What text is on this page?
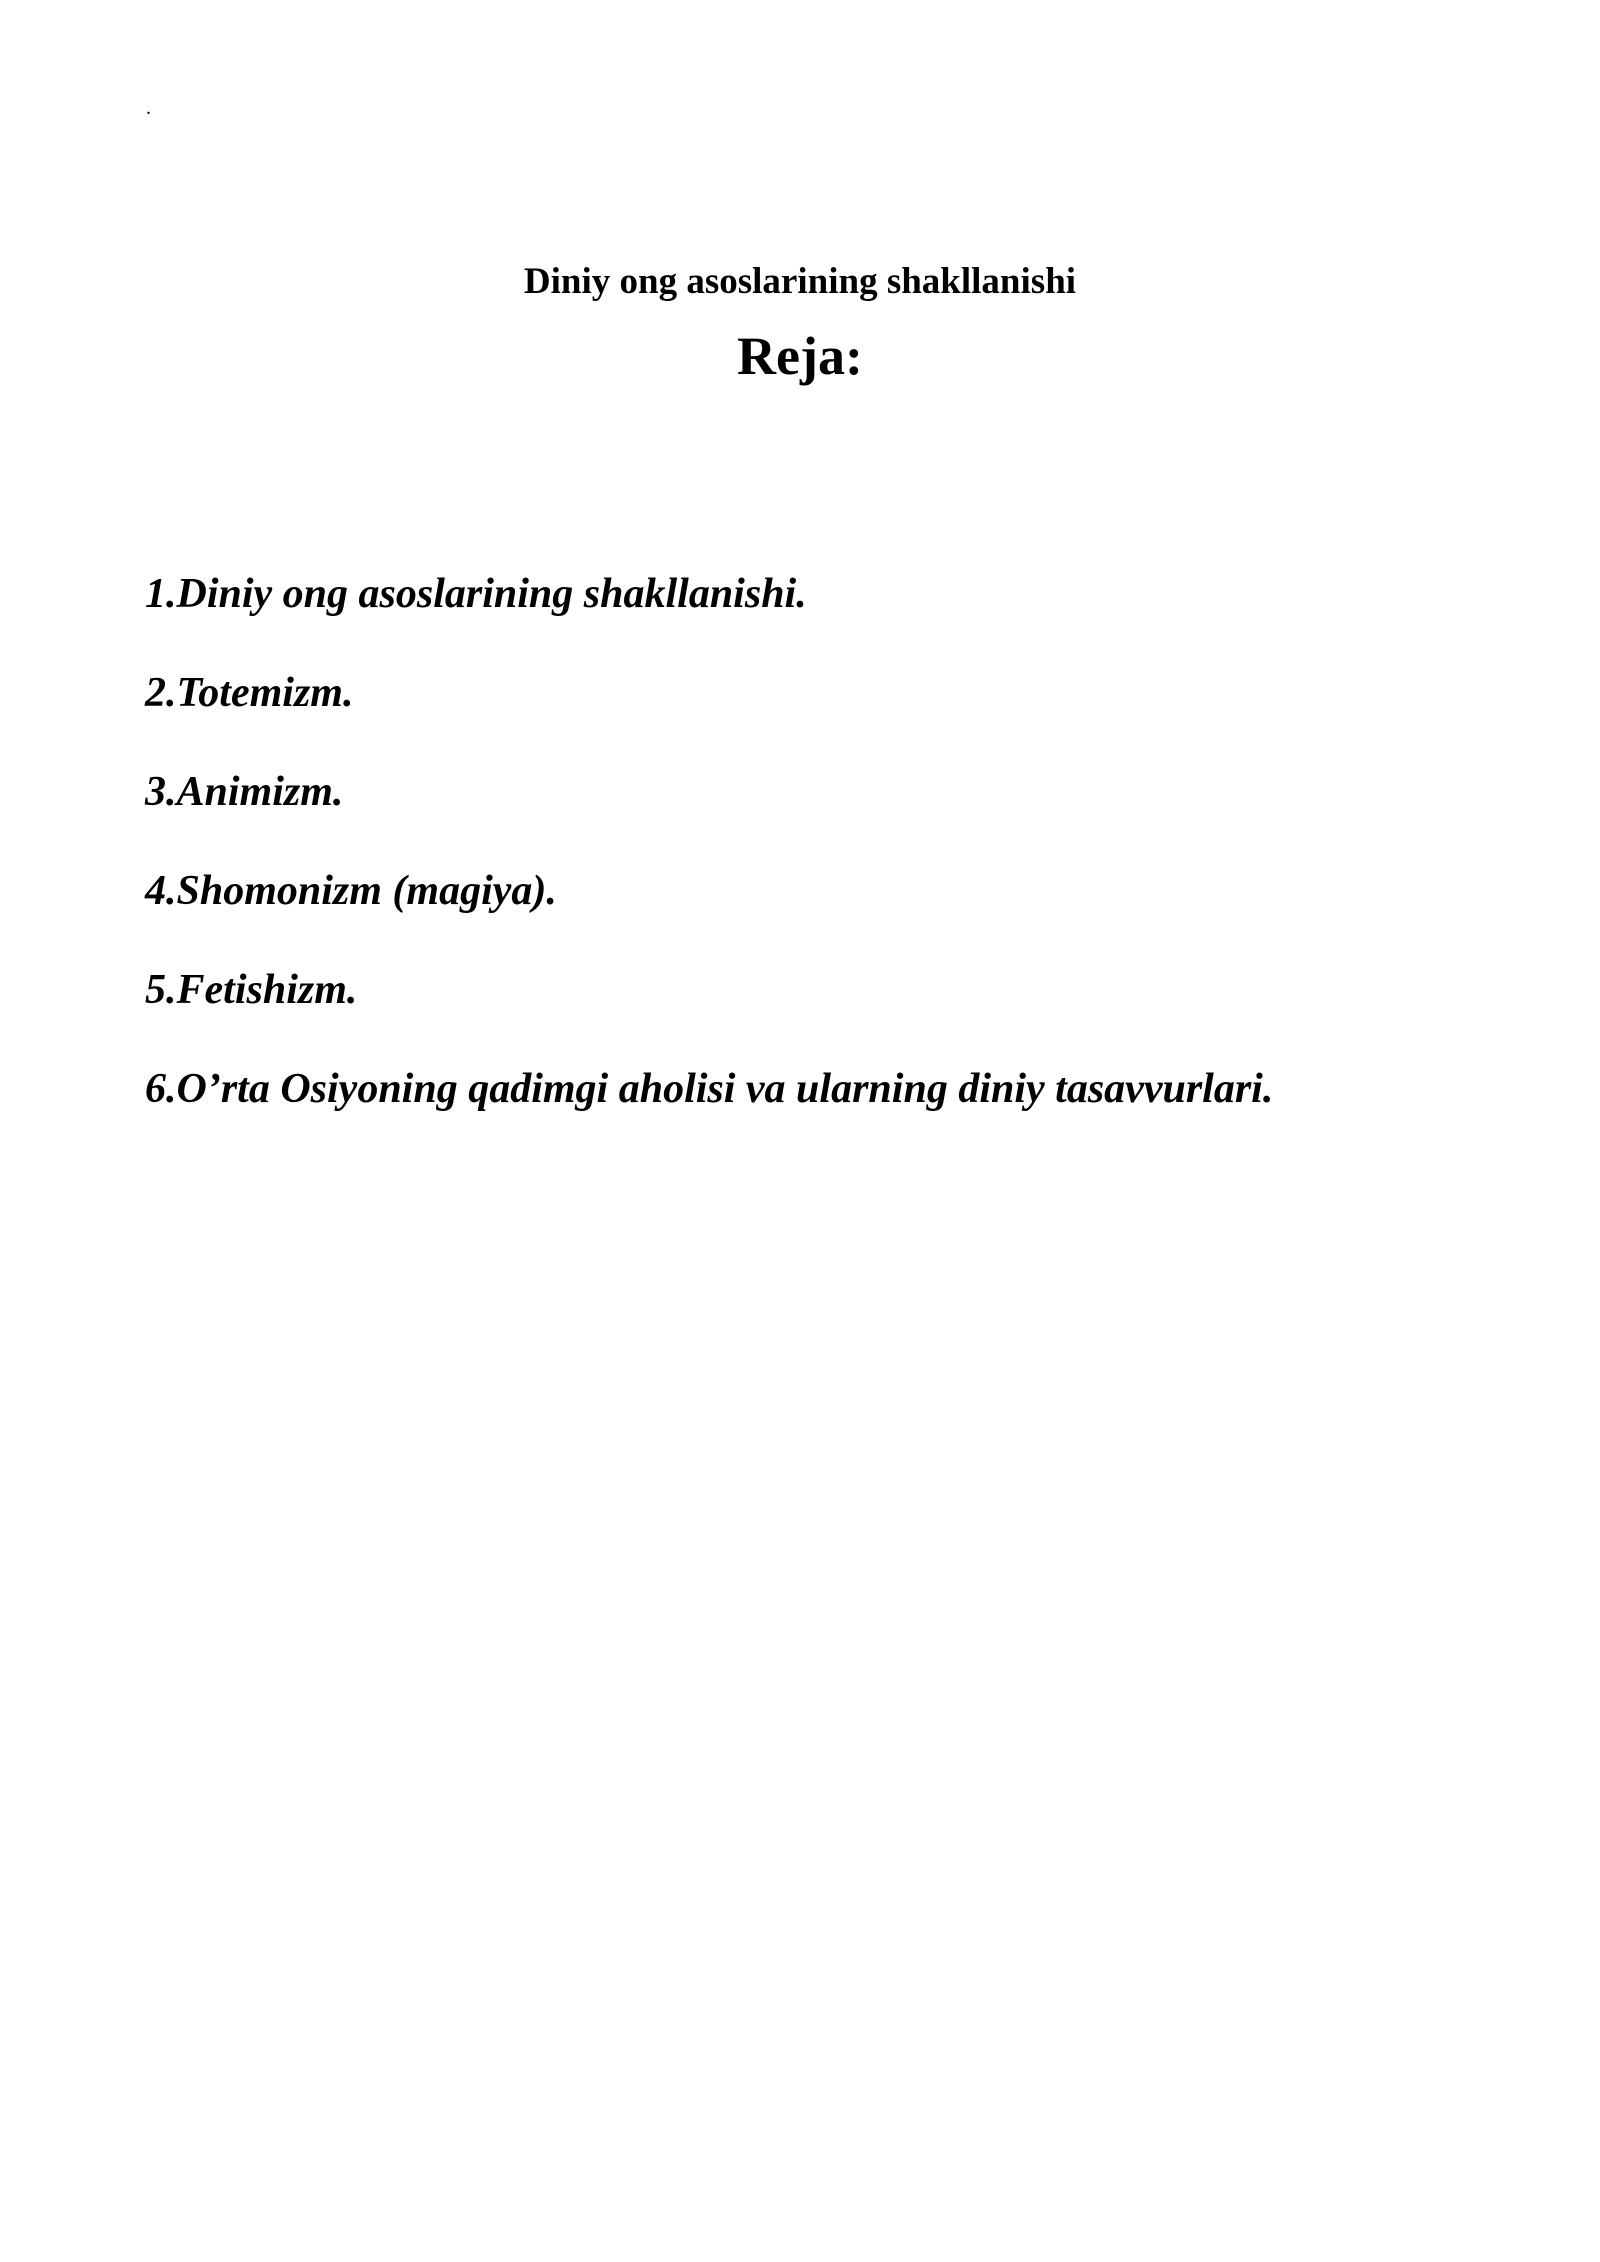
.
Diniy ong asoslarining shakllanishi
Reja:
1.Diniy ong asoslarining shakllanishi.
2.Totemizm.
3.Animizm.
4.Shomonizm (magiya).
5.Fetishizm.
6.O’rta Osiyoning qadimgi aholisi va ularning diniy tasavvurlari.
